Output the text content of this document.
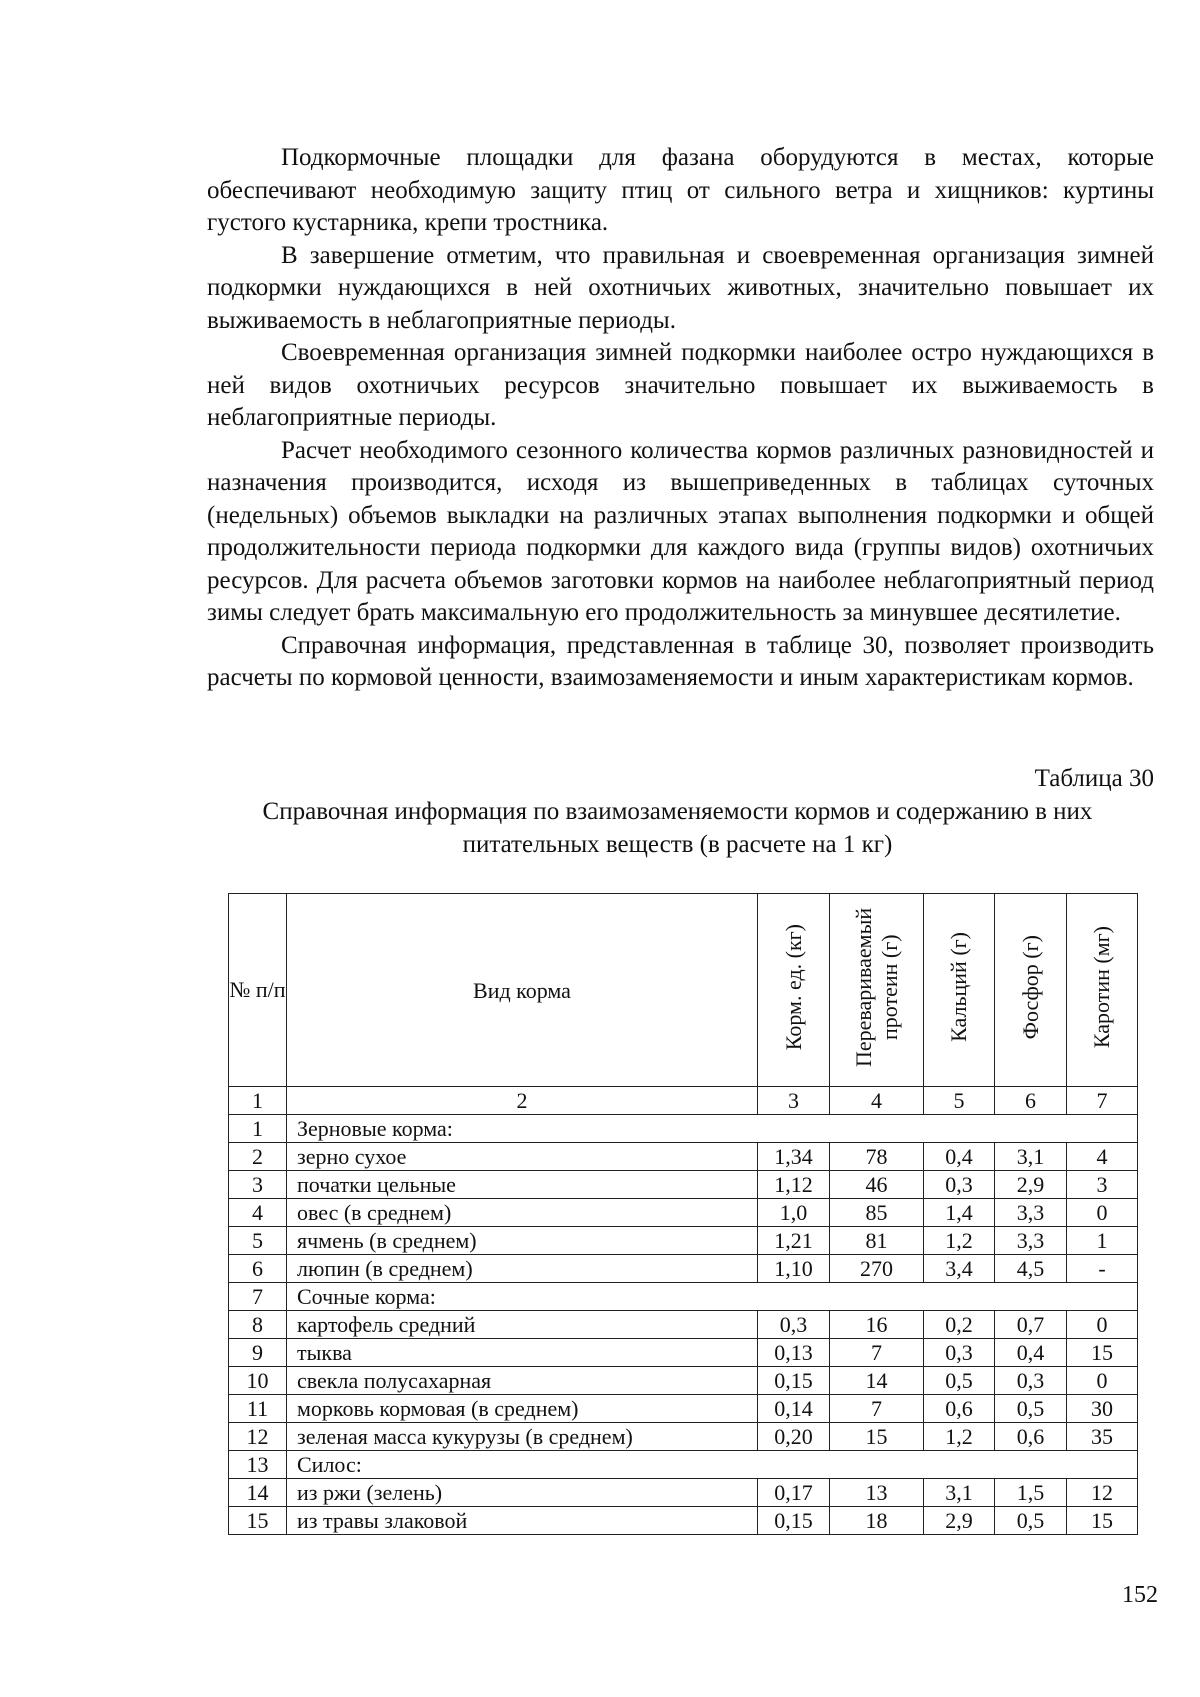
Подкормочные площадки для фазана оборудуются в местах, которые обеспечивают необходимую защиту птиц от сильного ветра и хищников: куртины густого кустарника, крепи тростника.

В завершение отметим, что правильная и своевременная организация зимней подкормки нуждающихся в ней охотничьих животных, значительно повышает их выживаемость в неблагоприятные периоды.

Своевременная организация зимней подкормки наиболее остро нуждающихся в ней видов охотничьих ресурсов значительно повышает их выживаемость в неблагоприятные периоды.

Расчет необходимого сезонного количества кормов различных разновидностей и назначения производится, исходя из вышеприведенных в таблицах суточных (недельных) объемов выкладки на различных этапах выполнения подкормки и общей продолжительности периода подкормки для каждого вида (группы видов) охотничьих ресурсов. Для расчета объемов заготовки кормов на наиболее неблагоприятный период зимы следует брать максимальную его продолжительность за минувшее десятилетие.

Справочная информация, представленная в таблице 30, позволяет производить расчеты по кормовой ценности, взаимозаменяемости и иным характеристикам кормов.

Таблица 30
Справочная информация по взаимозаменяемости кормов и содержанию в них питательных веществ (в расчете на 1 кг)
№ п/п	Вид корма	Корм. ед. (кг)	Перевариваемый протеин (г)	Кальций (г)	Фосфор (г)	Каротин (мг)
1	2	3	4	5	6	7
1	Зерновые корма:					
2	зерно сухое	1,34	78	0,4	3,1	4
3	початки цельные	1,12	46	0,3	2,9	3
4	овес (в среднем)	1,0	85	1,4	3,3	0
5	ячмень (в среднем)	1,21	81	1,2	3,3	1
6	люпин (в среднем)	1,10	270	3,4	4,5	-
7	Сочные корма:					
8	картофель средний	0,3	16	0,2	0,7	0
9	тыква	0,13	7	0,3	0,4	15
10	свекла полусахарная	0,15	14	0,5	0,3	0
11	морковь кормовая (в среднем)	0,14	7	0,6	0,5	30
12	зеленая масса кукурузы (в среднем)	0,20	15	1,2	0,6	35
13	Силос:					
14	из ржи (зелень)	0,17	13	3,1	1,5	12
15	из травы злаковой	0,15	18	2,9	0,5	15
152
